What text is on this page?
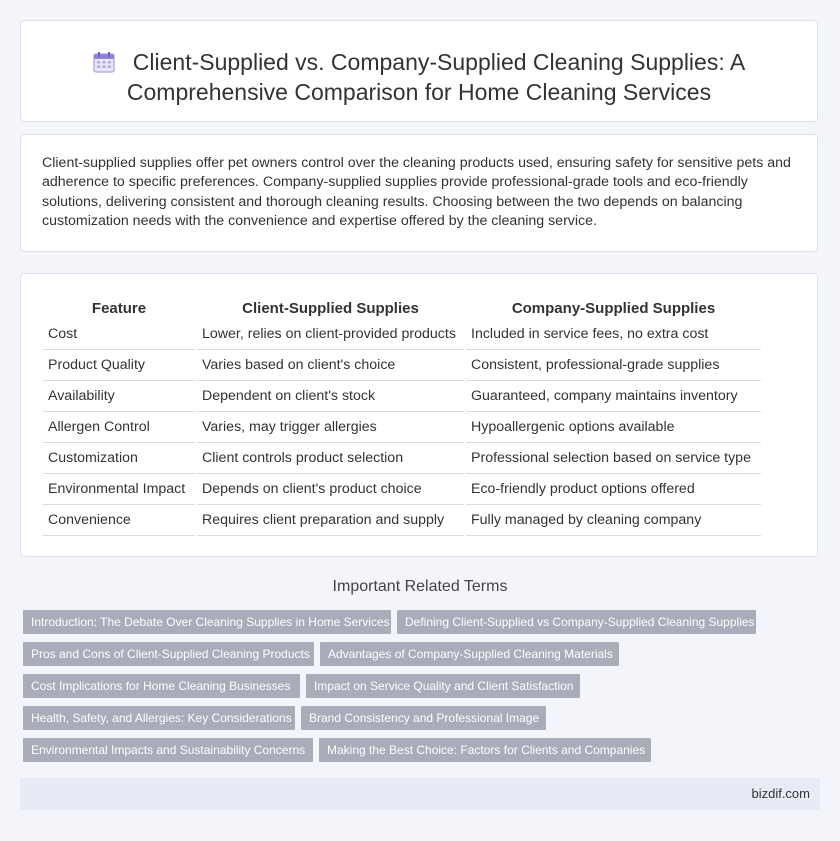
Client-Supplied vs. Company-Supplied Cleaning Supplies: A
Comprehensive Comparison for Home Cleaning Services
Client-supplied supplies offer pet owners control over the cleaning products used, ensuring safety for sensitive pets and adherence to specific preferences. Company-supplied supplies provide professional-grade tools and eco-friendly solutions, delivering consistent and thorough cleaning results. Choosing between the two depends on balancing customization needs with the convenience and expertise offered by the cleaning service.
Feature	Client-Supplied Supplies	Company-Supplied Supplies
Cost	Lower, relies on client-provided products	Included in service fees, no extra cost
Product Quality	Varies based on client's choice	Consistent, professional-grade supplies
Availability	Dependent on client's stock	Guaranteed, company maintains inventory
Allergen Control	Varies, may trigger allergies	Hypoallergenic options available
Customization	Client controls product selection	Professional selection based on service type
Environmental Impact	Depends on client's product choice	Eco-friendly product options offered
Convenience	Requires client preparation and supply	Fully managed by cleaning company
Important Related Terms
Introduction: The Debate Over Cleaning Supplies in Home Services	Defining Client-Supplied vs Company-Supplied Cleaning Supplies
Pros and Cons of Client-Supplied Cleaning Products	Advantages of Company-Supplied Cleaning Materials
Cost Implications for Home Cleaning Businesses	Impact on Service Quality and Client Satisfaction
Health, Safety, and Allergies: Key Considerations	Brand Consistency and Professional Image
Environmental Impacts and Sustainability Concerns	Making the Best Choice: Factors for Clients and Companies
bizdif.com
